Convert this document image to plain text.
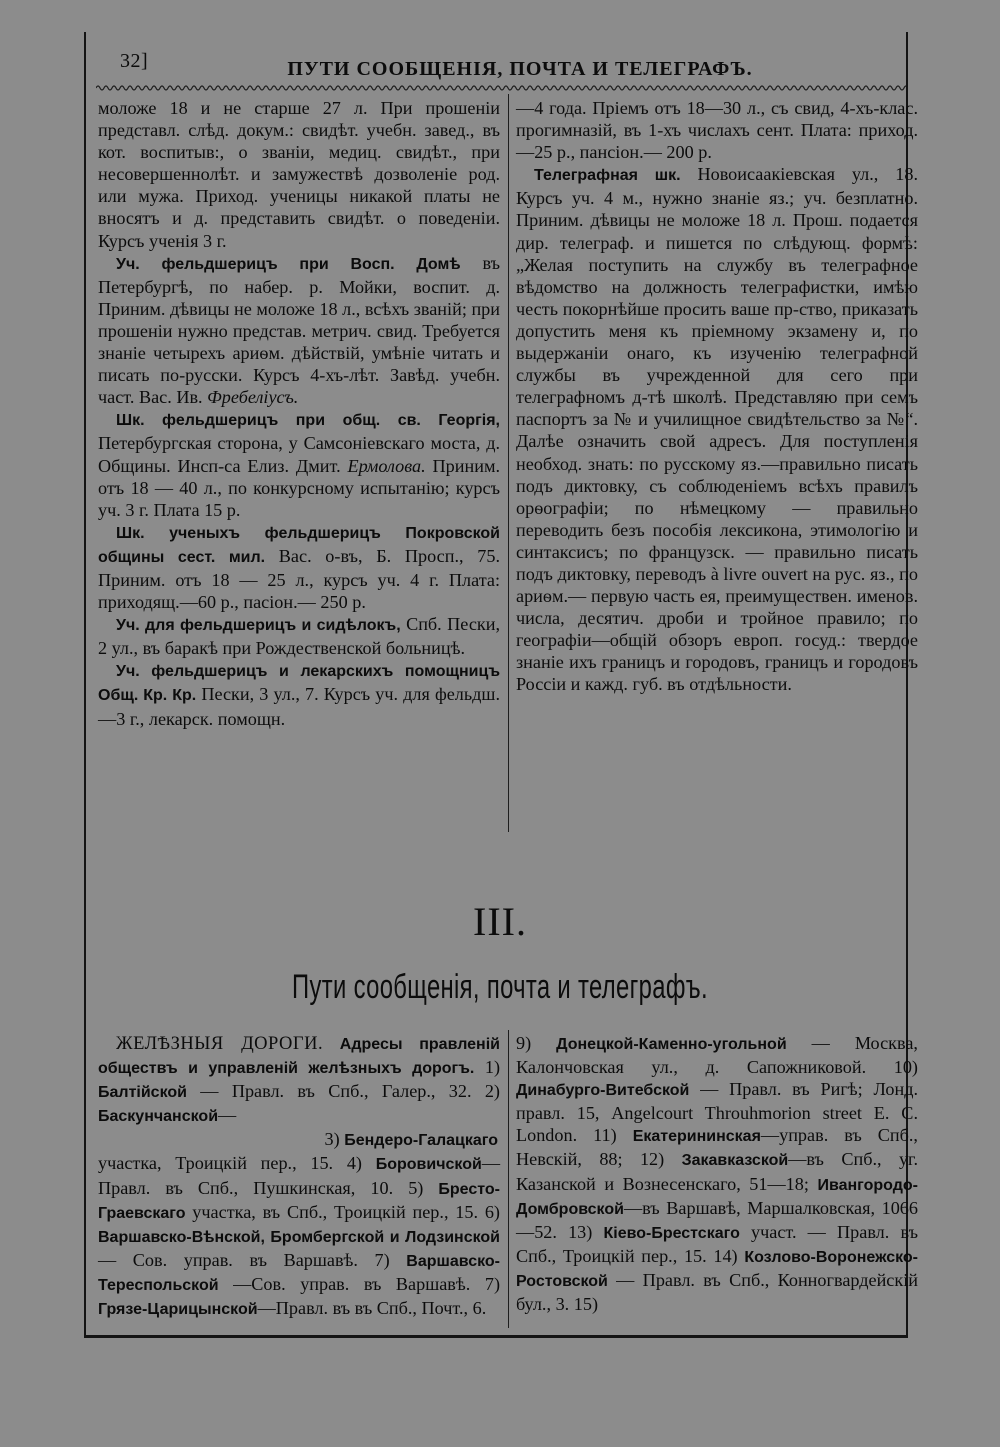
32]	ПУТИ СООБЩЕНІЯ, ПОЧТА И ТЕЛЕГРАФЪ.

моложе 18 и не старше 27 л. При прошеніи представл. слѣд. докум.: свидѣт. учебн. завед., въ кот. воспитыв:, о званіи, медиц. свидѣт., при несовершеннолѣт. и замужествѣ дозволеніе род. или мужа. Приход. ученицы никакой платы не вносятъ и д. представить свидѣт. о поведеніи. Курсъ ученія 3 г.

Уч. фельдшерицъ при Восп. Домѣ въ Петербургѣ, по набер. р. Мойки, воспит. д. Приним. дѣвицы не моложе 18 л., всѣхъ званій; при прошеніи нужно представ. метрич. свид. Требуется знаніе четырехъ ариѳм. дѣйствій, умѣніе читать и писать по-русски. Курсъ 4-хъ-лѣт. Завѣд. учебн. част. Вас. Ив. Фребеліусъ.

Шк. фельдшерицъ при общ. св. Георгія, Петербургская сторона, у Самсоніевскаго моста, д. Общины. Инсп-са Елиз. Дмит. Ермолова. Приним. отъ 18 — 40 л., по конкурсному испытанію; курсъ уч. 3 г. Плата 15 р.

Шк. ученыхъ фельдшерицъ Покровской общины сест. мил. Вас. о-въ, Б. Просп., 75. Приним. отъ 18 — 25 л., курсъ уч. 4 г. Плата: приходящ.—60 р., пасіон.— 250 р.

Уч. для фельдшерицъ и сидѣлокъ, Спб. Пески, 2 ул., въ баракѣ при Рождественской больницѣ.

Уч. фельдшерицъ и лекарскихъ помощницъ Общ. Кр. Кр. Пески, 3 ул., 7. Курсъ уч. для фельдш.—3 г., лекарск. помощн.

—4 года. Пріемъ отъ 18—30 л., съ свид, 4-хъ-клас. прогимназій, въ 1-хъ числахъ сент. Плата: приход.—25 р., пансіон.— 200 р.

Телеграфная шк. Новоисаакіевская ул., 18. Курсъ уч. 4 м., нужно знаніе яз.; уч. безплатно. Приним. дѣвицы не моложе 18 л. Прош. подается дир. телеграф. и пишется по слѣдующ. формѣ: „Желая поступить на службу въ телеграфное вѣдомство на должность телеграфистки, имѣю честь покорнѣйше просить ваше пр-ство, приказать допустить меня къ пріемному экзамену и, по выдержаніи онаго, къ изученію телеграфной службы въ учрежденной для сего при телеграфномъ д-тѣ школѣ. Представляю при семъ паспортъ за № и училищное свидѣтельство за №“. Далѣе означить свой адресъ. Для поступленія необход. знать: по русскому яз.—правильно писать подъ диктовку, съ соблюденіемъ всѣхъ правилъ орѳографіи; по нѣмецкому — правильно переводить безъ пособія лексикона, этимологію и синтаксисъ; по французск. — правильно писать подъ диктовку, переводъ à livre ouvert на рус. яз., по ариѳм.— первую часть ея, преимуществен. именов. числа, десятич. дроби и тройное правило; по географіи—общій обзоръ европ. госуд.: твердое знаніе ихъ границъ и городовъ, границъ и городовъ Россіи и кажд. губ. въ отдѣльности.

III.
Пути сообщенія, почта и телеграфъ.

ЖЕЛѢЗНЫЯ ДОРОГИ. Адресы правленій обществъ и управленій желѣзныхъ дорогъ. 1) Балтійской — Правл. въ Спб., Галер., 32. 2) Баскунчанской—
3) Бендеро-Галацкаго
участка, Троицкій пер., 15. 4) Боровичской—Правл. въ Спб., Пушкинская, 10. 5) Бресто-Граевскаго участка, въ Спб., Троицкій пер., 15. 6) Варшавско-Вѣнской, Бромбергской и Лодзинской — Сов. управ. въ Варшавѣ. 7) Варшавско-Тереспольской —Сов. управ. въ Варшавѣ. 7) Грязе-Царицынской—Правл. въ въ Спб., Почт., 6.

9) Донецкой-Каменно-угольной — Москва, Калончовская ул., д. Сапожниковой. 10) Динабурго-Витебской — Правл. въ Ригѣ; Лонд. правл. 15, Angelcourt Throuhmorion street E. C. London. 11) Екатерининская—управ. въ Спб., Невскій, 88; 12) Закавказской—въ Спб., уг. Казанской и Вознесенскаго, 51—18; Ивангородо-Домбровской—въ Варшавѣ, Маршалковская, 1066—52. 13) Кіево-Брестскаго участ. — Правл. въ Спб., Троицкій пер., 15. 14) Козлово-Воронежско-Ростовской — Правл. въ Спб., Конногвардейскій бул., 3. 15)
